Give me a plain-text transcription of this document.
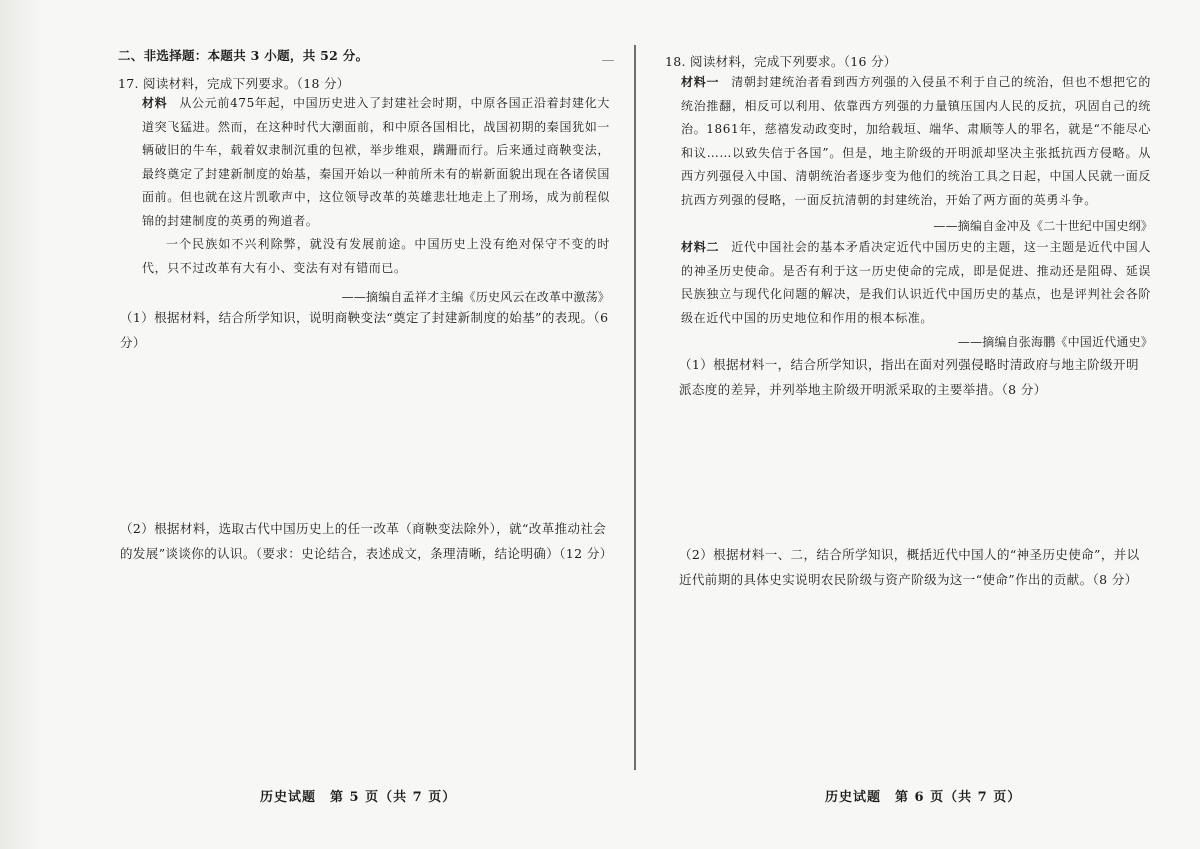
二、非选择题：本题共 3 小题，共 52 分。
17. 阅读材料，完成下列要求。（18 分）

材料 从公元前475年起，中国历史进入了封建社会时期，中原各国正沿着封建化大道突飞猛进。然而，在这种时代大潮面前，和中原各国相比，战国初期的秦国犹如一辆破旧的牛车，载着奴隶制沉重的包袱，举步维艰，蹒跚而行。后来通过商鞅变法，最终奠定了封建新制度的始基，秦国开始以一种前所未有的崭新面貌出现在各诸侯国面前。但也就在这片凯歌声中，这位领导改革的英雄悲壮地走上了刑场，成为前程似锦的封建制度的英勇的殉道者。

一个民族如不兴利除弊，就没有发展前途。中国历史上没有绝对保守不变的时代，只不过改革有大有小、变法有对有错而已。

——摘编自孟祥才主编《历史风云在改革中激荡》

（1）根据材料，结合所学知识，说明商鞅变法“奠定了封建新制度的始基”的表现。（6 分）

（2）根据材料，选取古代中国历史上的任一改革（商鞅变法除外），就“改革推动社会的发展”谈谈你的认识。（要求：史论结合，表述成文，条理清晰，结论明确）（12 分）

历史试题　第 5 页（共 7 页）
18. 阅读材料，完成下列要求。（16 分）

材料一 清朝封建统治者看到西方列强的入侵虽不利于自己的统治，但也不想把它的统治推翻，相反可以利用、依靠西方列强的力量镇压国内人民的反抗，巩固自己的统治。1861年，慈禧发动政变时，加给载垣、端华、肃顺等人的罪名，就是“不能尽心和议……以致失信于各国”。但是，地主阶级的开明派却坚决主张抵抗西方侵略。从西方列强侵入中国、清朝统治者逐步变为他们的统治工具之日起，中国人民就一面反抗西方列强的侵略，一面反抗清朝的封建统治，开始了两方面的英勇斗争。

——摘编自金冲及《二十世纪中国史纲》

材料二 近代中国社会的基本矛盾决定近代中国历史的主题，这一主题是近代中国人的神圣历史使命。是否有利于这一历史使命的完成，即是促进、推动还是阻碍、延误民族独立与现代化问题的解决，是我们认识近代中国历史的基点，也是评判社会各阶级在近代中国的历史地位和作用的根本标准。

——摘编自张海鹏《中国近代通史》

（1）根据材料一，结合所学知识，指出在面对列强侵略时清政府与地主阶级开明派态度的差异，并列举地主阶级开明派采取的主要举措。（8 分）

（2）根据材料一、二，结合所学知识，概括近代中国人的“神圣历史使命”，并以近代前期的具体史实说明农民阶级与资产阶级为这一“使命”作出的贡献。（8 分）

历史试题　第 6 页（共 7 页）
